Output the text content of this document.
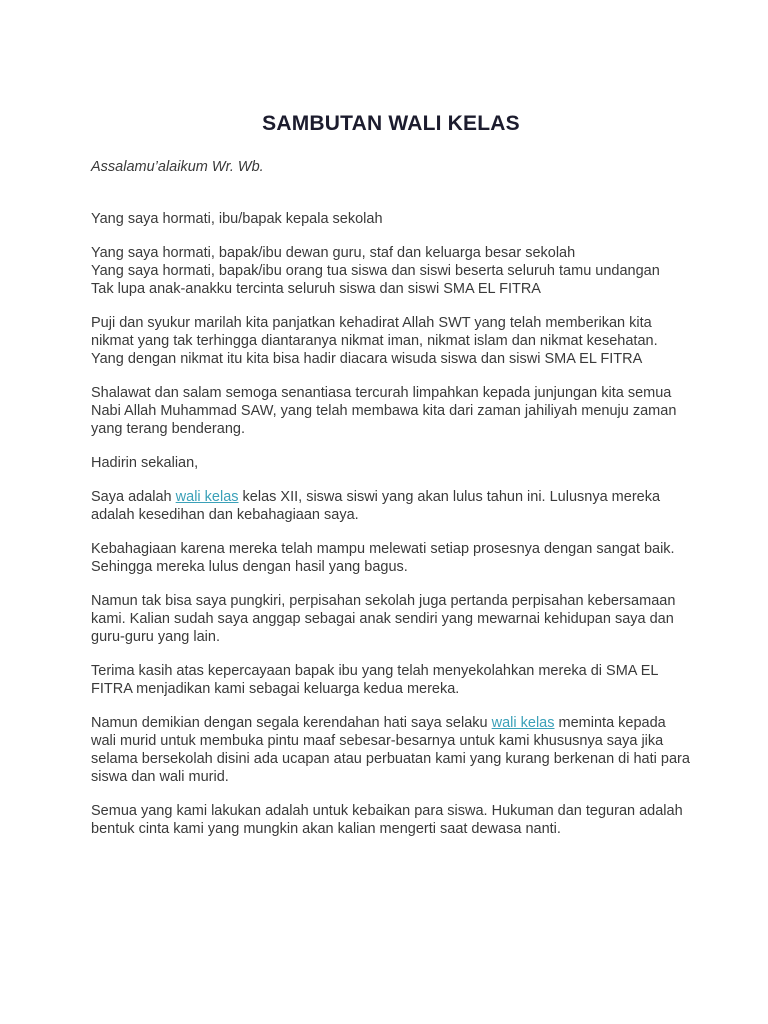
SAMBUTAN WALI KELAS

Assalamu’alaikum Wr. Wb.

Yang saya hormati, ibu/bapak kepala sekolah

Yang saya hormati, bapak/ibu dewan guru, staf dan keluarga besar sekolah
Yang saya hormati, bapak/ibu orang tua siswa dan siswi beserta seluruh tamu undangan
Tak lupa anak-anakku tercinta seluruh siswa dan siswi SMA EL FITRA

Puji dan syukur marilah kita panjatkan kehadirat Allah SWT yang telah memberikan kita nikmat yang tak terhingga diantaranya nikmat iman, nikmat islam dan nikmat kesehatan. Yang dengan nikmat itu kita bisa hadir diacara wisuda siswa dan siswi SMA EL FITRA

Shalawat dan salam semoga senantiasa tercurah limpahkan kepada junjungan kita semua Nabi Allah Muhammad SAW, yang telah membawa kita dari zaman jahiliyah menuju zaman yang terang benderang.

Hadirin sekalian,

Saya adalah wali kelas kelas XII, siswa siswi yang akan lulus tahun ini. Lulusnya mereka adalah kesedihan dan kebahagiaan saya.

Kebahagiaan karena mereka telah mampu melewati setiap prosesnya dengan sangat baik. Sehingga mereka lulus dengan hasil yang bagus.

Namun tak bisa saya pungkiri, perpisahan sekolah juga pertanda perpisahan kebersamaan kami. Kalian sudah saya anggap sebagai anak sendiri yang mewarnai kehidupan saya dan guru-guru yang lain.

Terima kasih atas kepercayaan bapak ibu yang telah menyekolahkan mereka di SMA EL FITRA menjadikan kami sebagai keluarga kedua mereka.

Namun demikian dengan segala kerendahan hati saya selaku wali kelas meminta kepada wali murid untuk membuka pintu maaf sebesar-besarnya untuk kami khususnya saya jika selama bersekolah disini ada ucapan atau perbuatan kami yang kurang berkenan di hati para siswa dan wali murid.

Semua yang kami lakukan adalah untuk kebaikan para siswa. Hukuman dan teguran adalah bentuk cinta kami yang mungkin akan kalian mengerti saat dewasa nanti.
